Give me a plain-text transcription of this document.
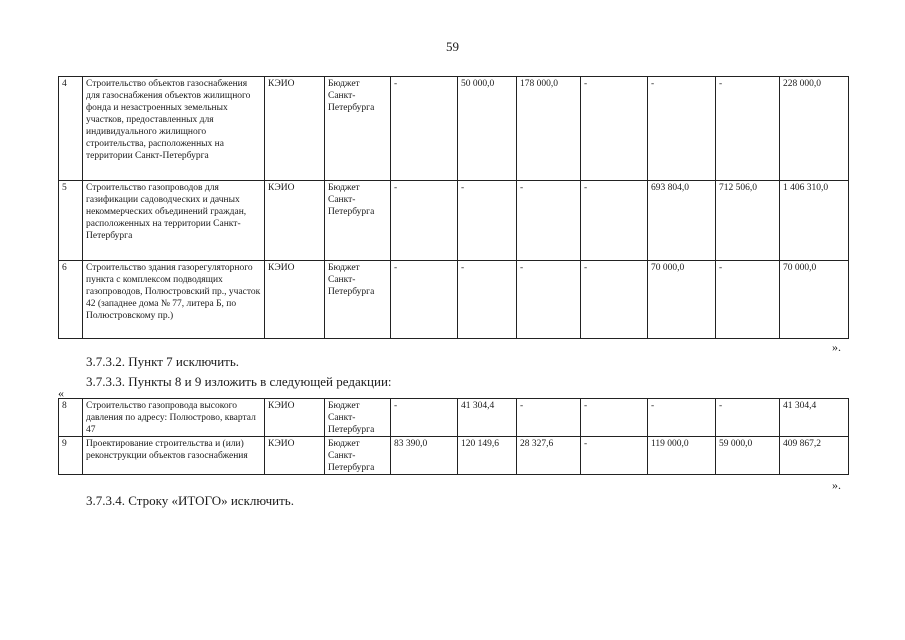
59
4	Строительство объектов газоснабжения для газоснабжения объектов жилищного фонда и незастроенных земельных участков, предоставленных для индивидуального жилищного строительства, расположенных на территории Санкт-Петербурга	КЭИО	Бюджет Санкт-Петербурга	-	50 000,0	178 000,0	-	-	-	228 000,0
5	Строительство газопроводов для газификации садоводческих и дачных некоммерческих объединений граждан, расположенных на территории Санкт-Петербурга	КЭИО	Бюджет Санкт-Петербурга	-	-	-	-	693 804,0	712 506,0	1 406 310,0
6	Строительство здания газорегуляторного пункта с комплексом подводящих газопроводов, Полюстровский пр., участок 42 (западнее дома № 77, литера Б, по Полюстровскому пр.)	КЭИО	Бюджет Санкт-Петербурга	-	-	-	-	70 000,0	-	70 000,0
».
3.7.3.2. Пункт 7 исключить.
3.7.3.3. Пункты 8 и 9 изложить в следующей редакции:
«
8	Строительство газопровода высокого давления по адресу: Полюстрово, квартал 47	КЭИО	Бюджет Санкт-Петербурга	-	41 304,4	-	-	-	-	41 304,4
9	Проектирование строительства и (или) реконструкции объектов газоснабжения	КЭИО	Бюджет Санкт-Петербурга	83 390,0	120 149,6	28 327,6	-	119 000,0	59 000,0	409 867,2
».
3.7.3.4. Строку «ИТОГО» исключить.
